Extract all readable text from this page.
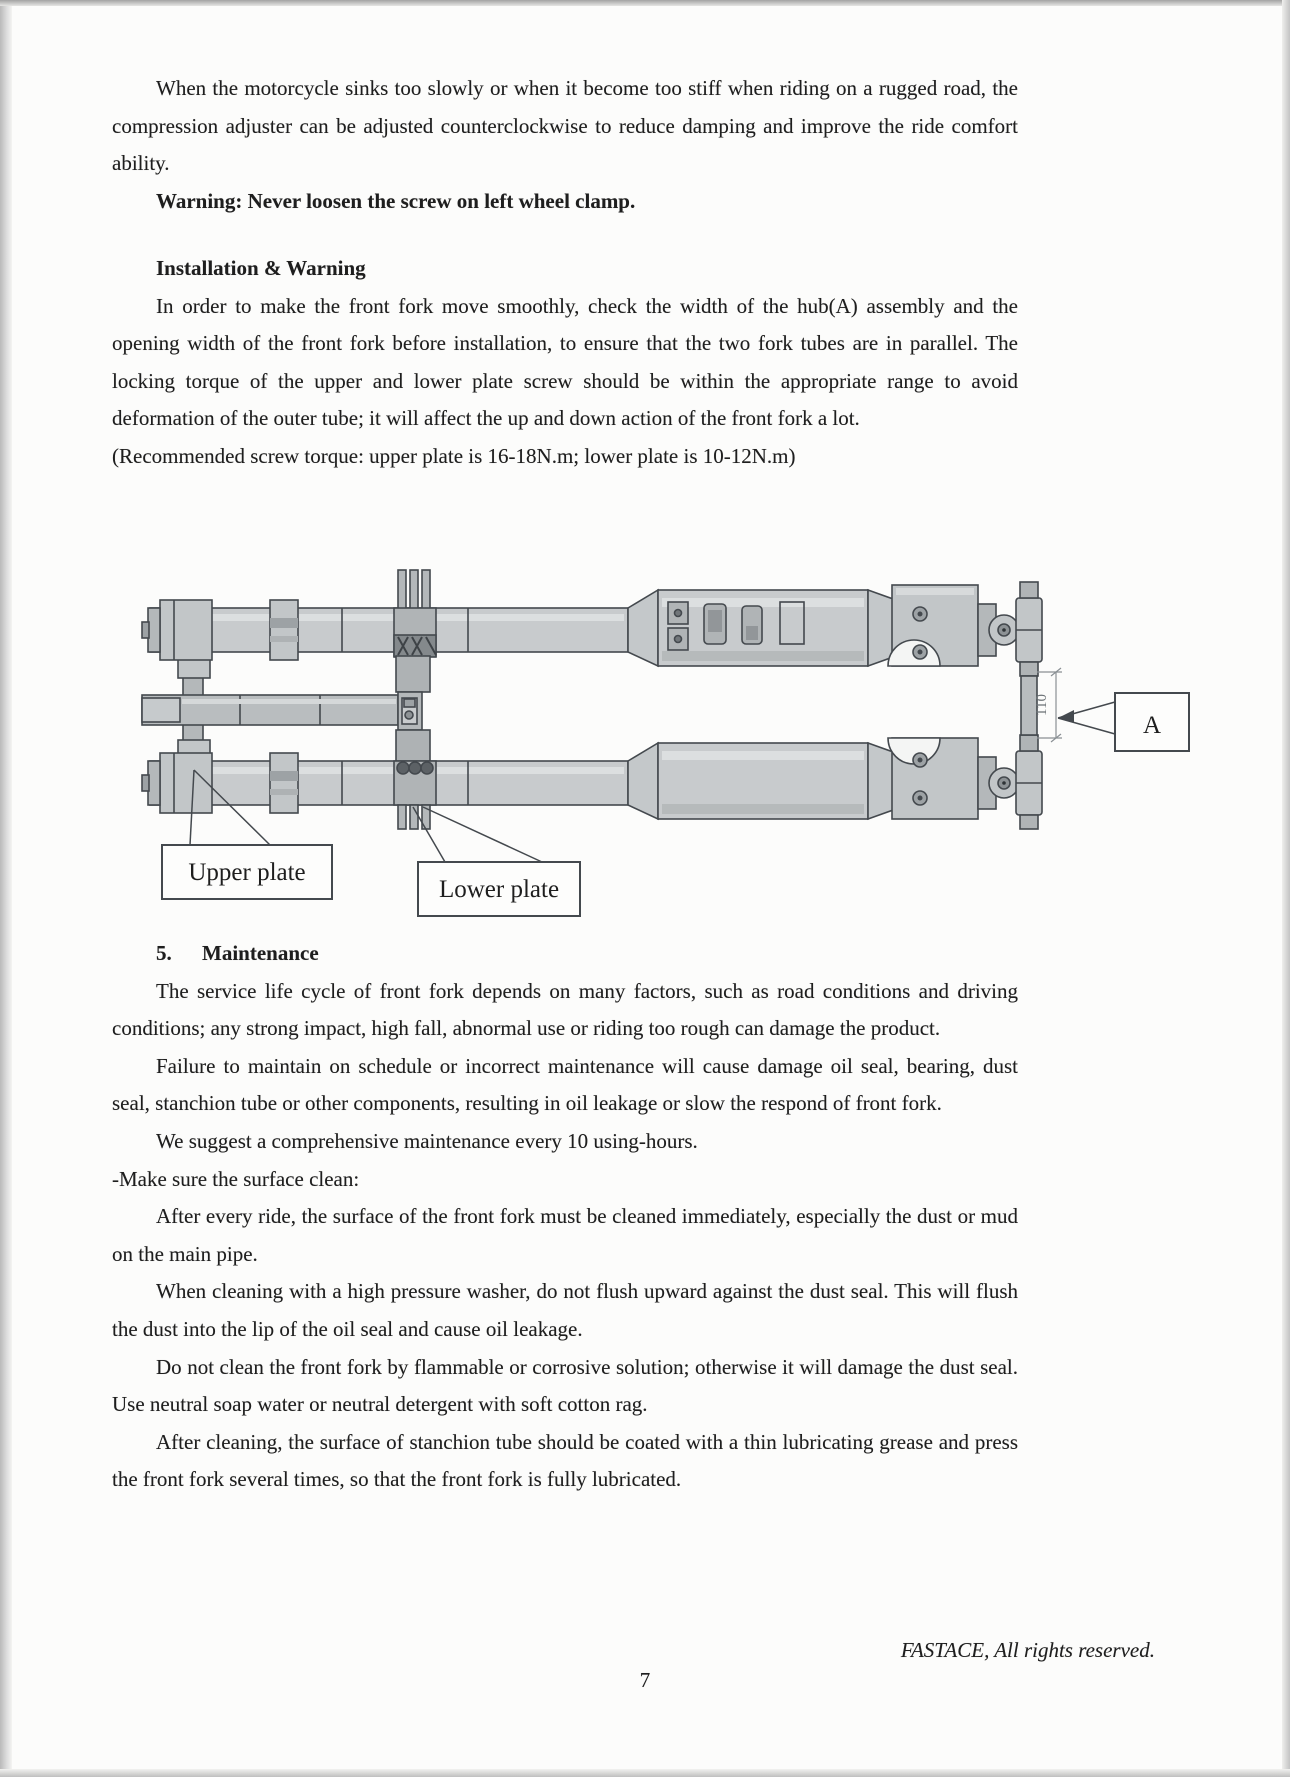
When the motorcycle sinks too slowly or when it become too stiff when riding on a rugged road, the compression adjuster can be adjusted counterclockwise to reduce damping and improve the ride comfort ability.

Warning: Never loosen the screw on left wheel clamp.

Installation & Warning

In order to make the front fork move smoothly, check the width of the hub(A) assembly and the opening width of the front fork before installation, to ensure that the two fork tubes are in parallel. The locking torque of the upper and lower plate screw should be within the appropriate range to avoid deformation of the outer tube; it will affect the up and down action of the front fork a lot.

(Recommended screw torque: upper plate is 16-18N.m; lower plate is 10-12N.m)

110
A
Upper plate
Lower plate

5.	Maintenance

The service life cycle of front fork depends on many factors, such as road conditions and driving conditions; any strong impact, high fall, abnormal use or riding too rough can damage the product.

Failure to maintain on schedule or incorrect maintenance will cause damage oil seal, bearing, dust seal, stanchion tube or other components, resulting in oil leakage or slow the respond of front fork.

We suggest a comprehensive maintenance every 10 using-hours.

-Make sure the surface clean:

After every ride, the surface of the front fork must be cleaned immediately, especially the dust or mud on the main pipe.

When cleaning with a high pressure washer, do not flush upward against the dust seal. This will flush the dust into the lip of the oil seal and cause oil leakage.

Do not clean the front fork by flammable or corrosive solution; otherwise it will damage the dust seal. Use neutral soap water or neutral detergent with soft cotton rag.

After cleaning, the surface of stanchion tube should be coated with a thin lubricating grease and press the front fork several times, so that the front fork is fully lubricated.

FASTACE, All rights reserved.
7
